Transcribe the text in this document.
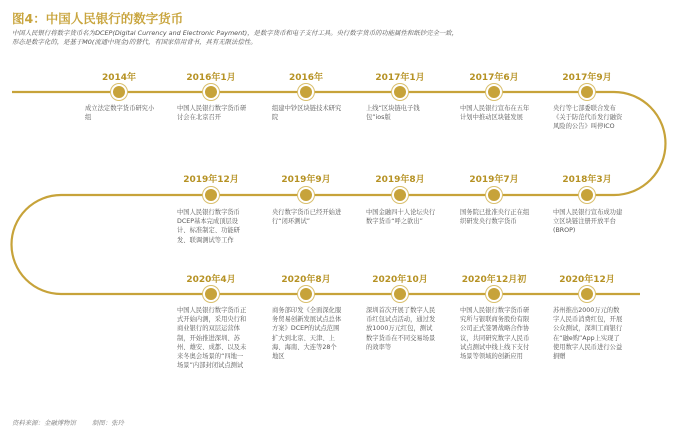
图4：中国人民银行的数字货币
中国人民银行将数字货币名为DCEP(Digital Currency and Electronic Payment)，是数字货币和电子支付工具。央行数字货币的功能属性和纸钞完全一致，形态是数字化的，是基于M0(流通中现金)的替代，有国家信用背书，具有无限法偿性。
2014年
成立法定数字货币研究小组
2016年1月
中国人民银行数字货币研讨会在北京召开
2016年
组建中钞区块链技术研究院
2017年1月
上线“区块链电子钱包”ios版
2017年6月
中国人民银行宣布在五年计划中推动区块链发展
2017年9月
央行等七部委联合发布《关于防范代币发行融资风险的公告》叫停ICO
2019年12月
中国人民银行数字货币DCEP基本完成顶层设计、标准制定、功能研发、联调测试等工作
2019年9月
央行数字货币已经开始进行“闭环测试”
2019年8月
中国金融四十人论坛央行数字货币“呼之欲出”
2019年7月
国务院已批准央行正在组织研发央行数字货币
2018年3月
中国人民银行宣布成功建立区块链注册开放平台(BROP)
2020年4月
中国人民银行数字货币正式开始内测，采用央行和商业银行的双层运营体制，开始推进深圳、苏州、雄安、成都、以及未来冬奥会场景的“四地一场景”内部封闭试点测试
2020年8月
商务部印发《全面深化服务贸易创新发展试点总体方案》DCEP的试点范围扩大到北京、天津、上海、海南、大连等28个地区
2020年10月
深圳首次开展了数字人民币红包试点活动，通过发放1000万元红包，测试数字货币在不同交易场景的效率等
2020年12月初
中国人民银行数字货币研究所与银联商务股份有限公司正式签署战略合作协议，共同研究数字人民币试点测试中线上线下支付场景等领域的创新应用
2020年12月
苏州推出2000万元的数字人民币消费红包，开展公众测试，深圳工商银行在“融e购”App上实现了使用数字人民币进行公益捐赠
资料来源：金融博物馆	制图：张玲
